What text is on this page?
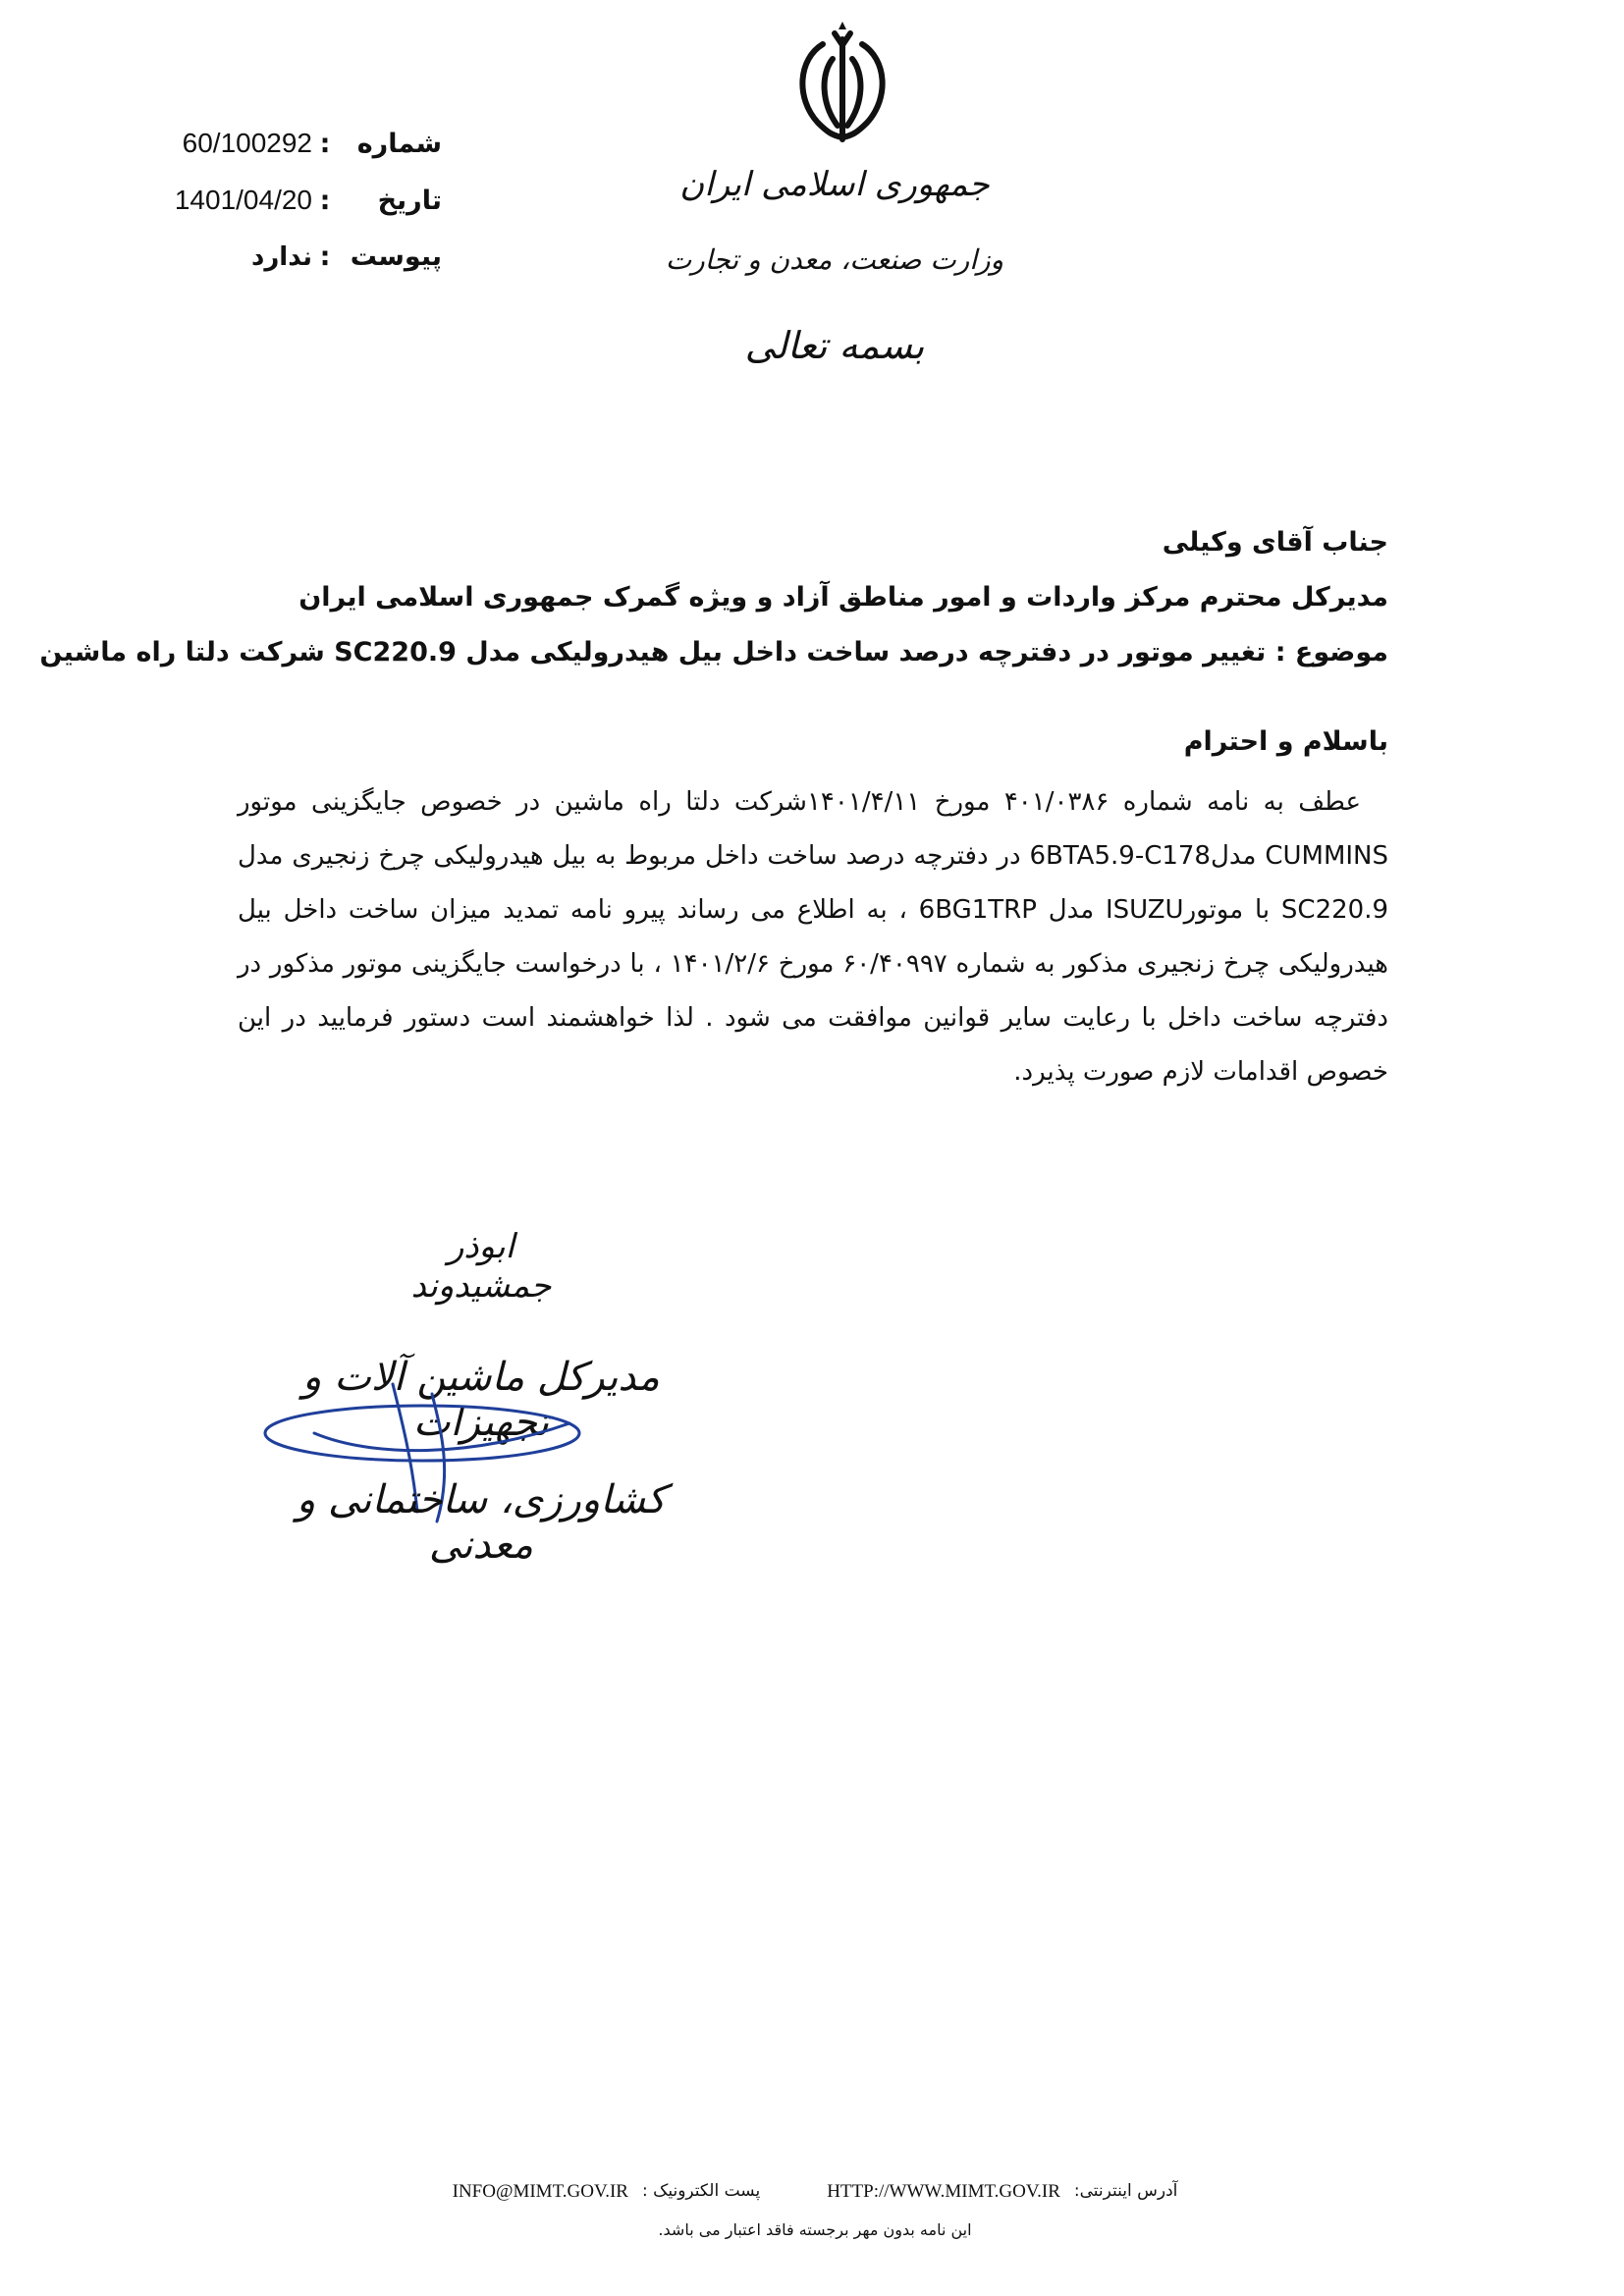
جمهوری اسلامی ایران
وزارت صنعت، معدن و تجارت
بسمه تعالی
شماره
:
60/100292
تاریخ
:
1401/04/20
پیوست
:
ندارد
جناب آقای وکیلی
مدیرکل محترم مرکز واردات و امور مناطق آزاد و ویژه گمرک جمهوری اسلامی ایران
موضوع : تغییر موتور در دفترچه درصد ساخت داخل بیل هیدرولیکی مدل SC220.9 شرکت دلتا راه ماشین
باسلام و احترام
عطف به نامه شماره ۴۰۱/۰۳۸۶ مورخ ۱۴۰۱/۴/۱۱شرکت دلتا راه ماشین در خصوص جایگزینی موتور CUMMINS مدل6BTA5.9-C178 در دفترچه درصد ساخت داخل مربوط به بیل هیدرولیکی چرخ زنجیری مدل SC220.9 با موتورISUZU مدل 6BG1TRP ، به اطلاع می رساند پیرو نامه تمدید میزان ساخت داخل بیل هیدرولیکی چرخ زنجیری مذکور به شماره ۶۰/۴۰۹۹۷ مورخ ۱۴۰۱/۲/۶ ، با درخواست جایگزینی موتور مذکور در دفترچه ساخت داخل با رعایت سایر قوانین موافقت می شود . لذا خواهشمند است دستور فرمایید در این خصوص اقدامات لازم صورت پذیرد.
ابوذر جمشیدوند
مدیرکل ماشین آلات و تجهیزات
کشاورزی، ساختمانی و معدنی
آدرس اینترنتی:
HTTP://WWW.MIMT.GOV.IR
پست الکترونیک :
INFO@MIMT.GOV.IR
این نامه بدون مهر برجسته فاقد اعتبار می باشد.
